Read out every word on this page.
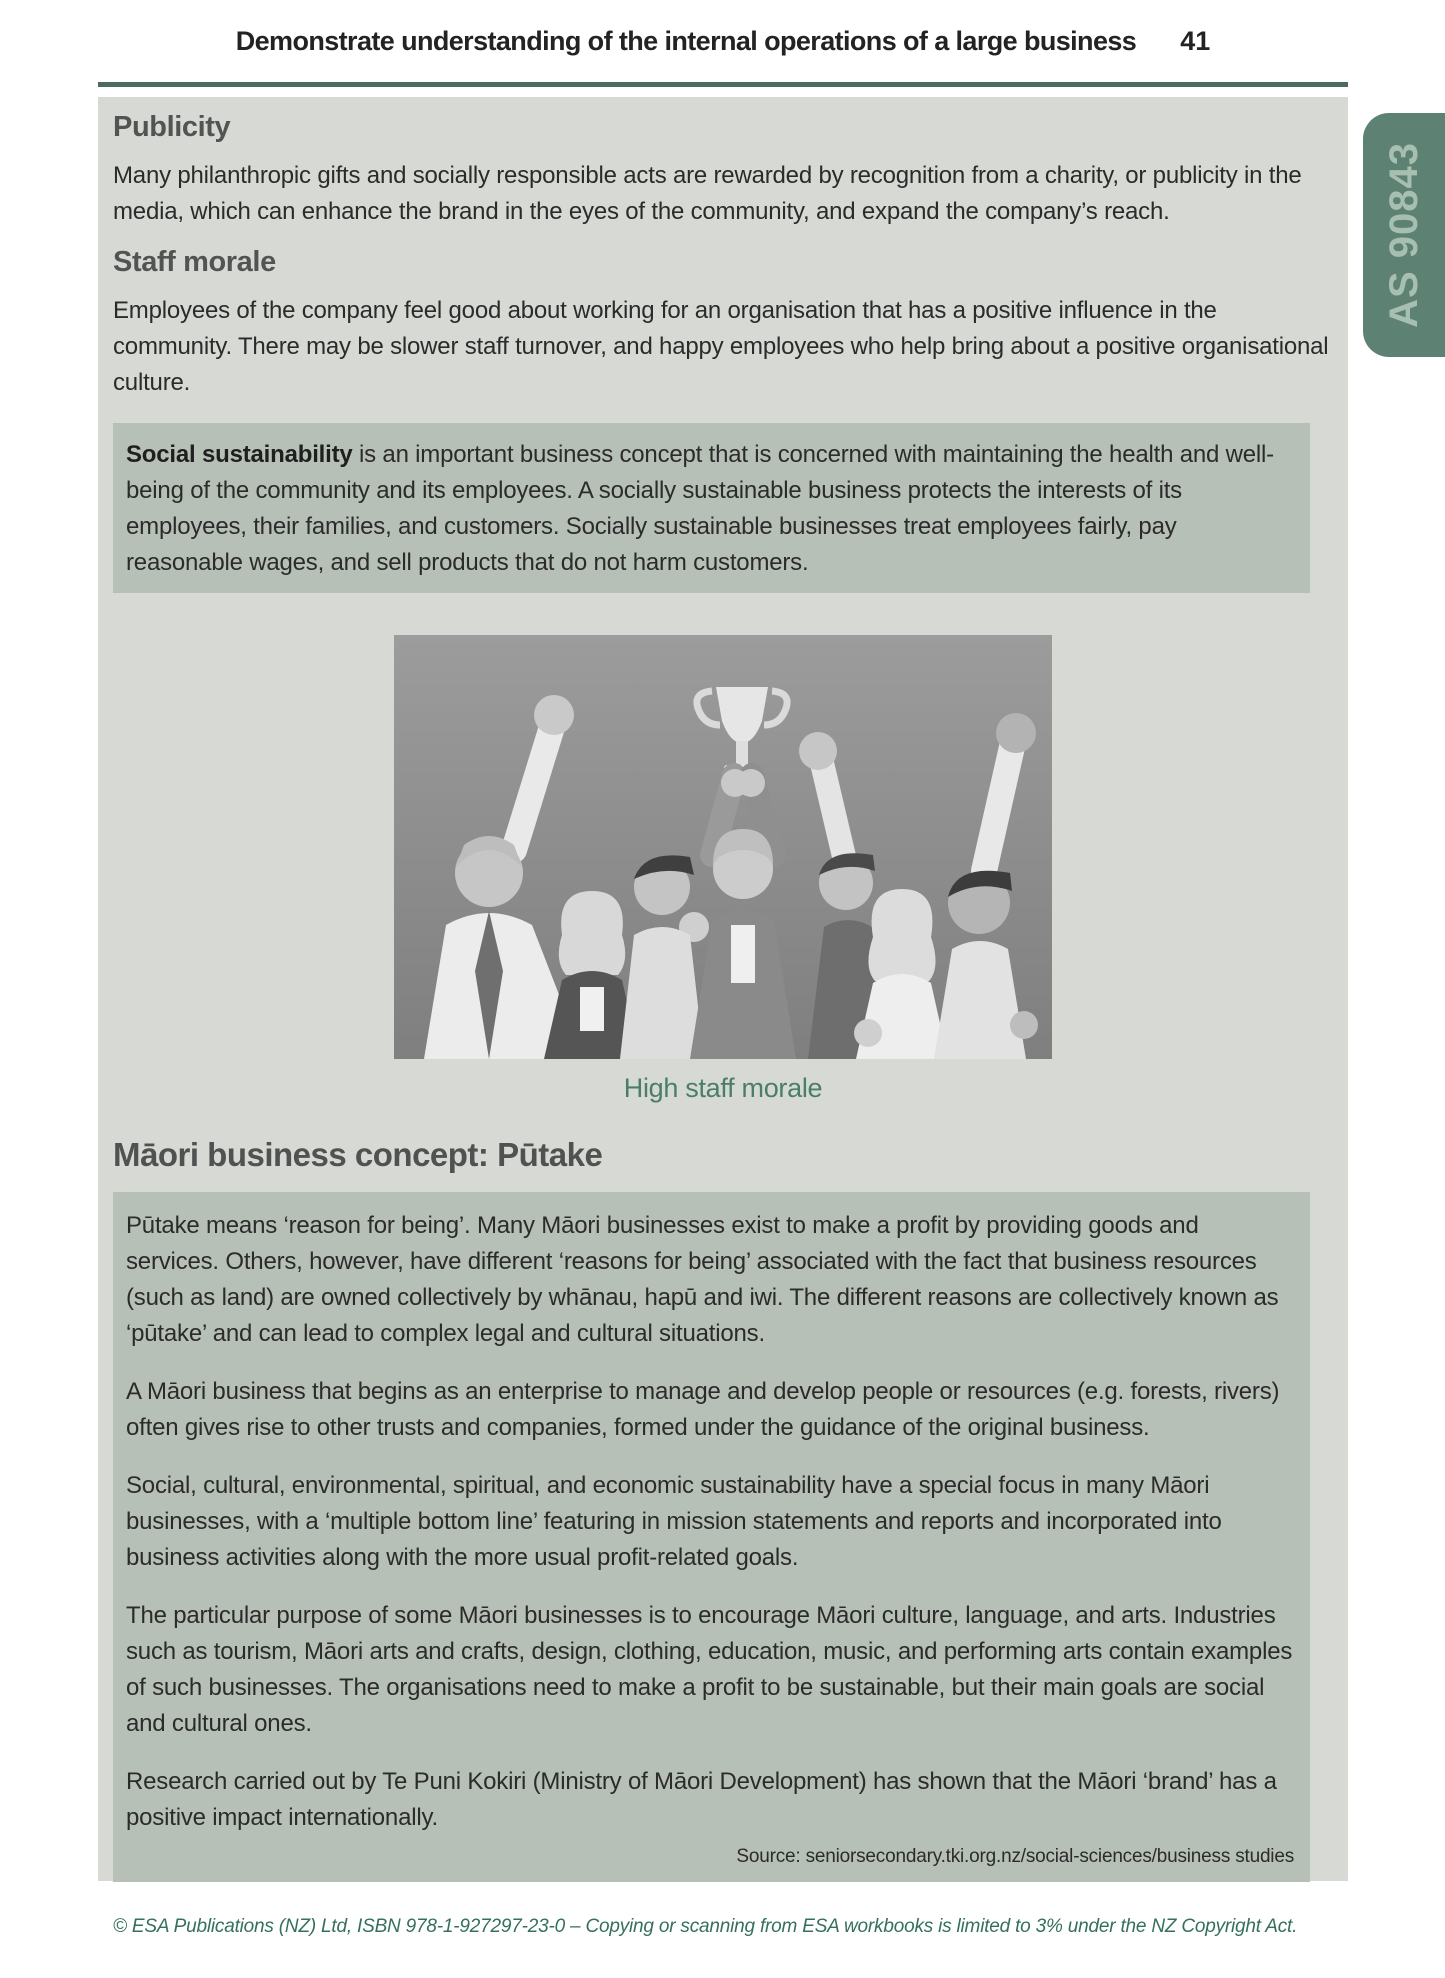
Demonstrate understanding of the internal operations of a large business 41
AS 90843
Publicity

Many philanthropic gifts and socially responsible acts are rewarded by recognition from a charity, or publicity in the media, which can enhance the brand in the eyes of the community, and expand the company’s reach.

Staff morale

Employees of the company feel good about working for an organisation that has a positive influence in the community. There may be slower staff turnover, and happy employees who help bring about a positive organisational culture.

Social sustainability is an important business concept that is concerned with maintaining the health and well-being of the community and its employees. A socially sustainable business protects the interests of its employees, their families, and customers. Socially sustainable businesses treat employees fairly, pay reasonable wages, and sell products that do not harm customers.

High staff morale
Māori business concept: Pūtake

Pūtake means ‘reason for being’. Many Māori businesses exist to make a profit by providing goods and services. Others, however, have different ‘reasons for being’ associated with the fact that business resources (such as land) are owned collectively by whānau, hapū and iwi. The different reasons are collectively known as ‘pūtake’ and can lead to complex legal and cultural situations.

A Māori business that begins as an enterprise to manage and develop people or resources (e.g. forests, rivers) often gives rise to other trusts and companies, formed under the guidance of the original business.

Social, cultural, environmental, spiritual, and economic sustainability have a special focus in many Māori businesses, with a ‘multiple bottom line’ featuring in mission statements and reports and incorporated into business activities along with the more usual profit-related goals.

The particular purpose of some Māori businesses is to encourage Māori culture, language, and arts. Industries such as tourism, Māori arts and crafts, design, clothing, education, music, and performing arts contain examples of such businesses. The organisations need to make a profit to be sustainable, but their main goals are social and cultural ones.

Research carried out by Te Puni Kokiri (Ministry of Māori Development) has shown that the Māori ‘brand’ has a positive impact internationally.

Source: seniorsecondary.tki.org.nz/social-sciences/business studies
© ESA Publications (NZ) Ltd, ISBN 978-1-927297-23-0 – Copying or scanning from ESA workbooks is limited to 3% under the NZ Copyright Act.
